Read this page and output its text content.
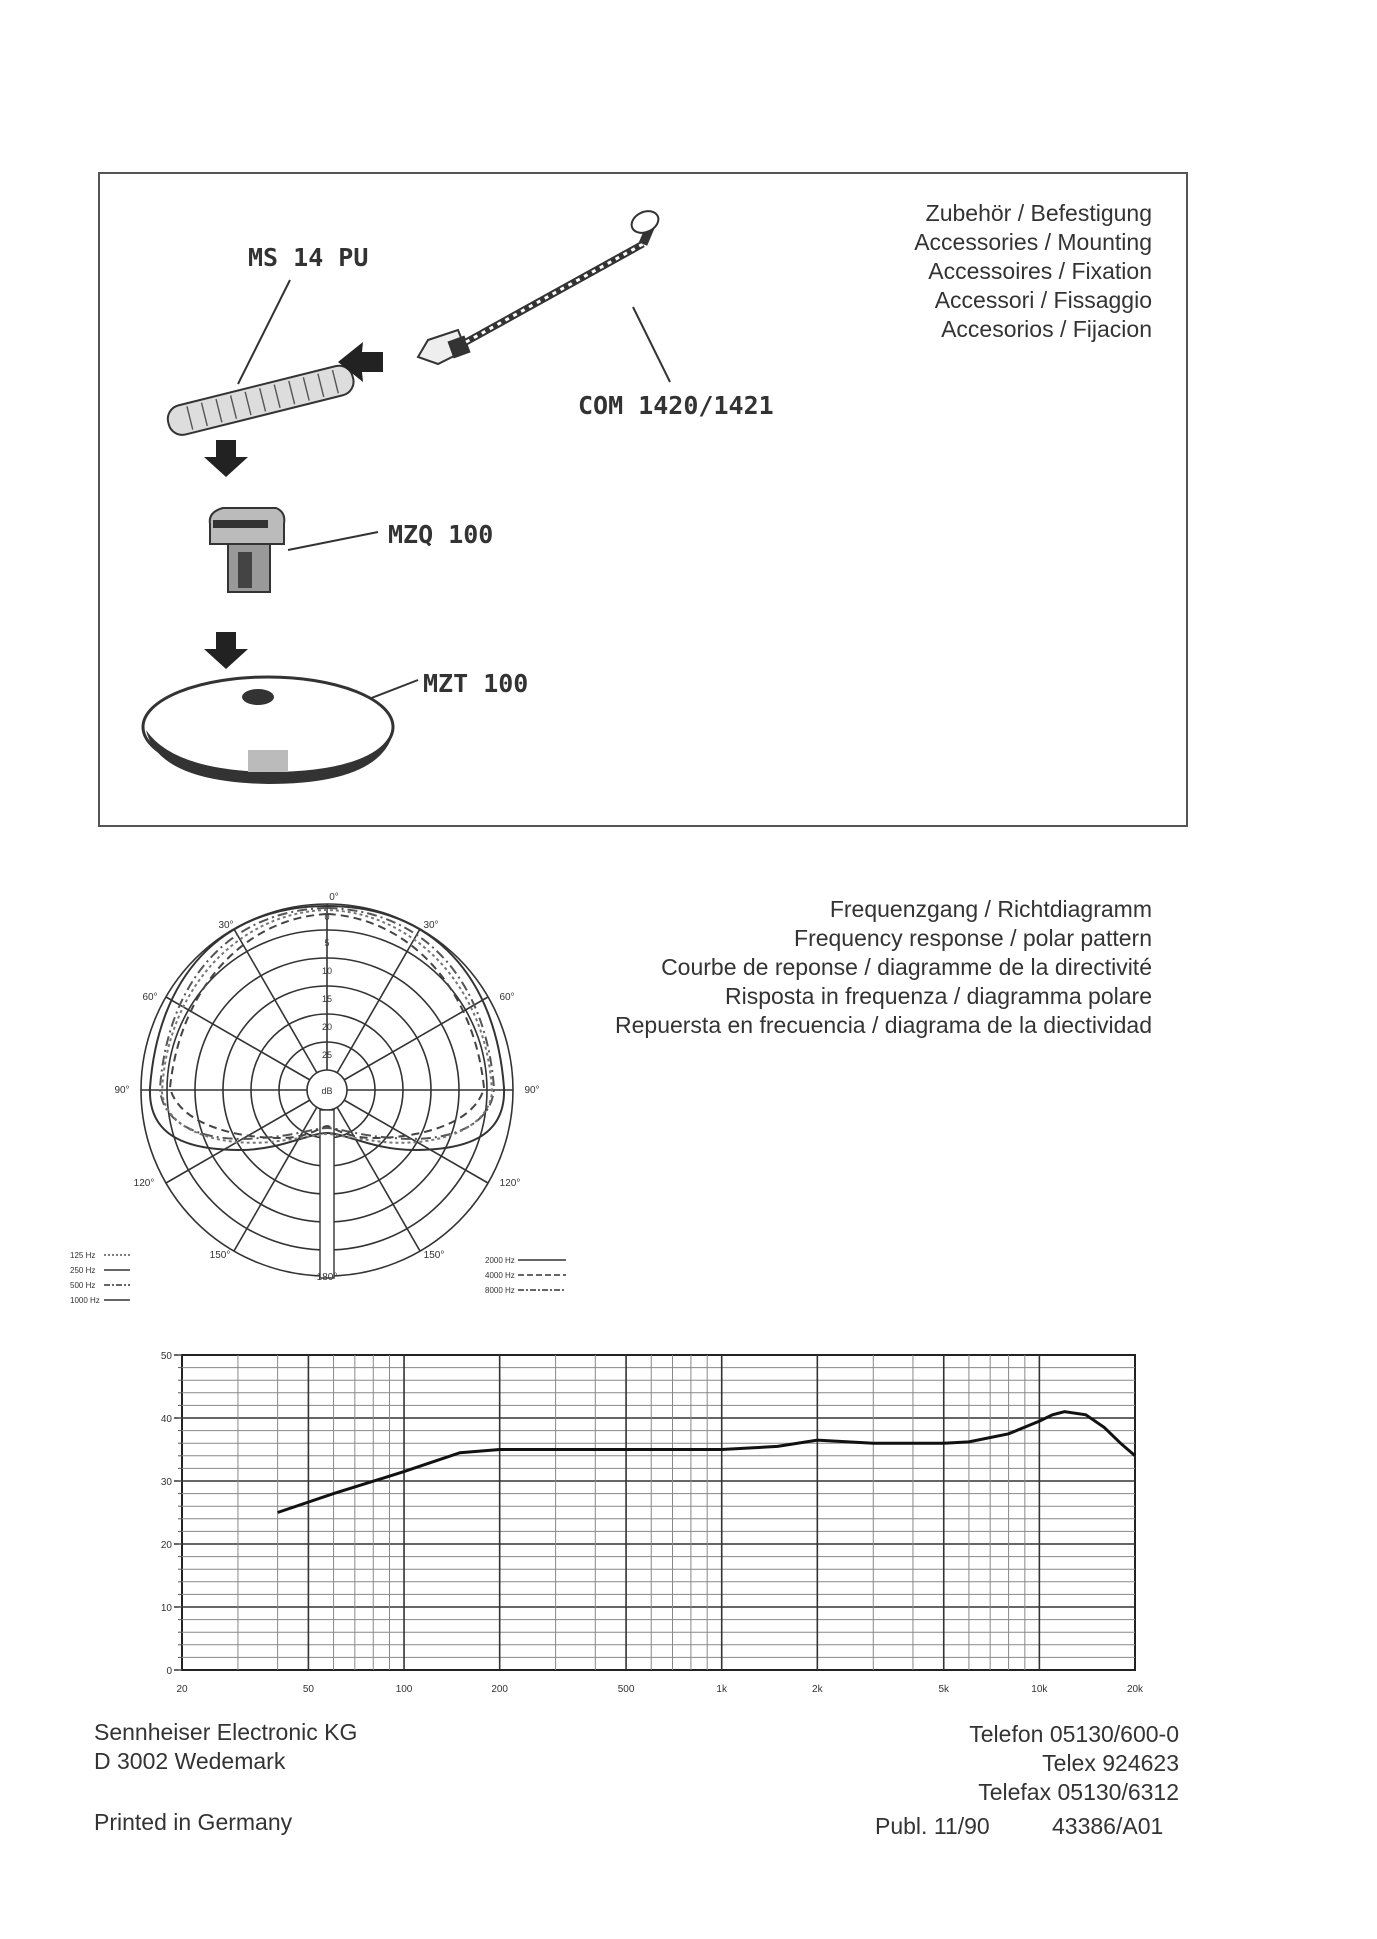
Zubehör / Befestigung
Accessories / Mounting
Accessoires / Fixation
Accessori / Fissaggio
Accesorios / Fijacion
MS 14 PU
COM 1420/1421
MZQ 100
MZT 100
Frequenzgang / Richtdiagramm
Frequency response / polar pattern
Courbe de reponse / diagramme de la directivité
Risposta in frequenza / diagramma polare
Repuersta en frecuencia / diagrama de la diectividad
0
5
10
15
20
25
dB
0°
30°	30°
60°	60°
90°	90°
120°	120°
150°	150°
180°
125 Hz
250 Hz
500 Hz
1000 Hz
2000 Hz
4000 Hz
8000 Hz
0
10
20
30
40
50
20	50	100	200	500	1k	2k	5k	10k	20k
Sennheiser Electronic KG
D 3002 Wedemark
Printed in Germany
Telefon 05130/600-0
Telex 924623
Telefax 05130/6312
Publ. 11/90	43386/A01
